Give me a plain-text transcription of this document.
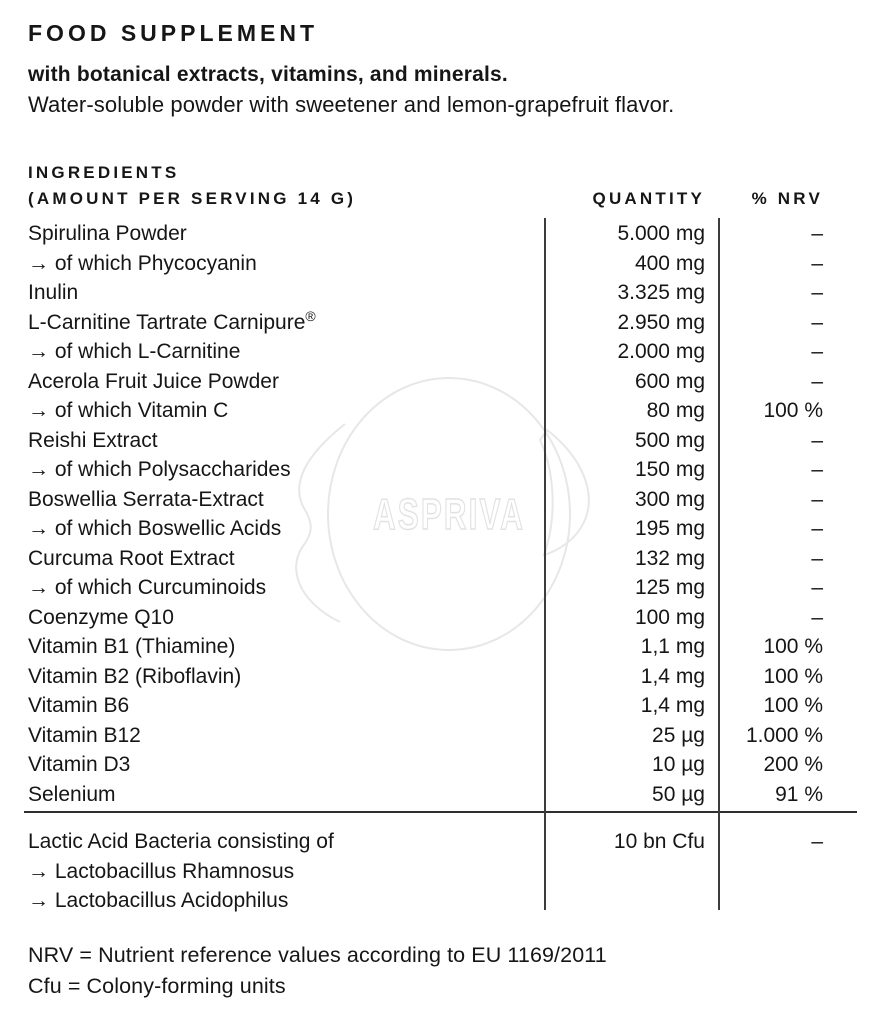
ASPRIVA
FOOD SUPPLEMENT

with botanical extracts, vitamins, and minerals.

Water-soluble powder with sweetener and lemon-grapefruit flavor.

INGREDIENTS
(AMOUNT PER SERVING 14 G)	QUANTITY	% NRV
Spirulina Powder	5.000 mg	–
→ of which Phycocyanin	400 mg	–
Inulin	3.325 mg	–
L-Carnitine Tartrate Carnipure®	2.950 mg	–
→ of which L-Carnitine	2.000 mg	–
Acerola Fruit Juice Powder	600 mg	–
→ of which Vitamin C	80 mg	100 %
Reishi Extract	500 mg	–
→ of which Polysaccharides	150 mg	–
Boswellia Serrata-Extract	300 mg	–
→ of which Boswellic Acids	195 mg	–
Curcuma Root Extract	132 mg	–
→ of which Curcuminoids	125 mg	–
Coenzyme Q10	100 mg	–
Vitamin B1 (Thiamine)	1,1 mg	100 %
Vitamin B2 (Riboflavin)	1,4 mg	100 %
Vitamin B6	1,4 mg	100 %
Vitamin B12	25 µg	1.000 %
Vitamin D3	10 µg	200 %
Selenium	50 µg	91 %
Lactic Acid Bacteria consisting of	10 bn Cfu	–
→ Lactobacillus Rhamnosus
→ Lactobacillus Acidophilus
NRV = Nutrient reference values according to EU 1169/2011
Cfu = Colony-forming units
